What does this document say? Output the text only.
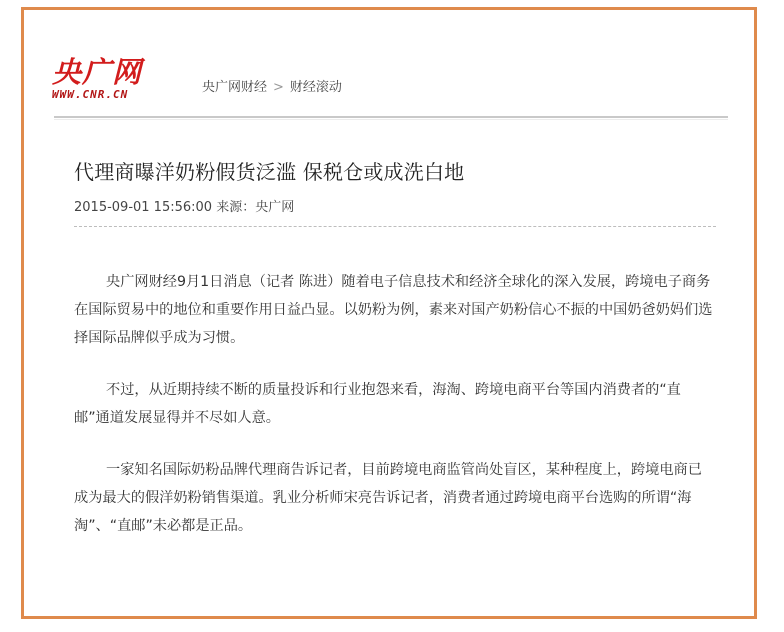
央广网
WWW.CNR.CN	央广网财经 > 财经滚动
代理商曝洋奶粉假货泛滥 保税仓或成洗白地
2015-09-01 15:56:00 来源：央广网

央广网财经9月1日消息（记者 陈进）随着电子信息技术和经济全球化的深入发展，跨境电子商务在国际贸易中的地位和重要作用日益凸显。以奶粉为例，素来对国产奶粉信心不振的中国奶爸奶妈们选择国际品牌似乎成为习惯。

不过，从近期持续不断的质量投诉和行业抱怨来看，海淘、跨境电商平台等国内消费者的“直邮”通道发展显得并不尽如人意。

一家知名国际奶粉品牌代理商告诉记者，目前跨境电商监管尚处盲区，某种程度上，跨境电商已成为最大的假洋奶粉销售渠道。乳业分析师宋亮告诉记者，消费者通过跨境电商平台选购的所谓“海淘”、“直邮”未必都是正品。
